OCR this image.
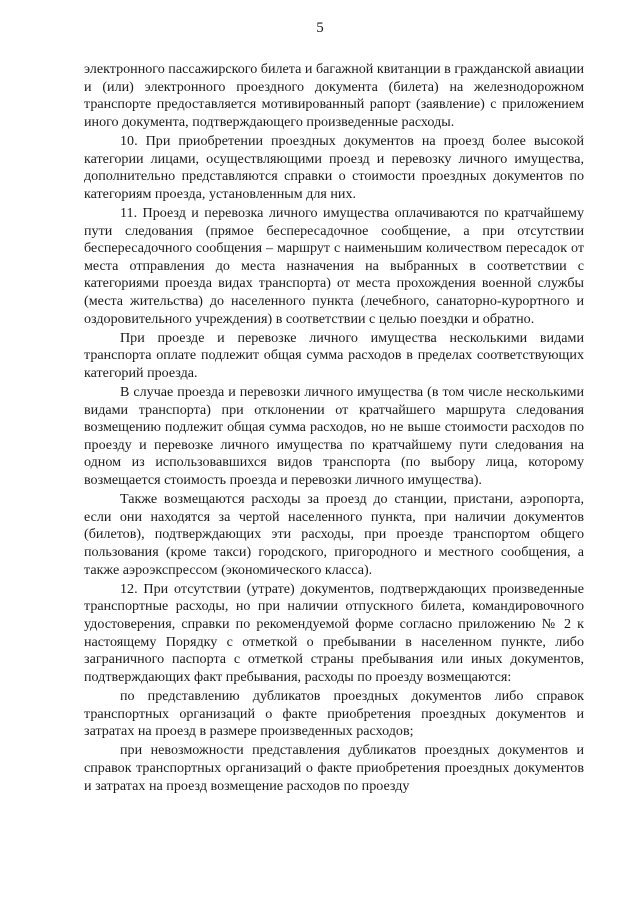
5

электронного пассажирского билета и багажной квитанции в гражданской авиации и (или) электронного проездного документа (билета) на железнодорожном транспорте предоставляется мотивированный рапорт (заявление) с приложением иного документа, подтверждающего произведенные расходы.

10. При приобретении проездных документов на проезд более высокой категории лицами, осуществляющими проезд и перевозку личного имущества, дополнительно представляются справки о стоимости проездных документов по категориям проезда, установленным для них.

11. Проезд и перевозка личного имущества оплачиваются по кратчайшему пути следования (прямое беспересадочное сообщение, а при отсутствии беспересадочного сообщения – маршрут с наименьшим количеством пересадок от места отправления до места назначения на выбранных в соответствии с категориями проезда видах транспорта) от места прохождения военной службы (места жительства) до населенного пункта (лечебного, санаторно-курортного и оздоровительного учреждения) в соответствии с целью поездки и обратно.

При проезде и перевозке личного имущества несколькими видами транспорта оплате подлежит общая сумма расходов в пределах соответствующих категорий проезда.

В случае проезда и перевозки личного имущества (в том числе несколькими видами транспорта) при отклонении от кратчайшего маршрута следования возмещению подлежит общая сумма расходов, но не выше стоимости расходов по проезду и перевозке личного имущества по кратчайшему пути следования на одном из использовавшихся видов транспорта (по выбору лица, которому возмещается стоимость проезда и перевозки личного имущества).

Также возмещаются расходы за проезд до станции, пристани, аэропорта, если они находятся за чертой населенного пункта, при наличии документов (билетов), подтверждающих эти расходы, при проезде транспортом общего пользования (кроме такси) городского, пригородного и местного сообщения, а также аэроэкспрессом (экономического класса).

12. При отсутствии (утрате) документов, подтверждающих произведенные транспортные расходы, но при наличии отпускного билета, командировочного удостоверения, справки по рекомендуемой форме согласно приложению № 2 к настоящему Порядку с отметкой о пребывании в населенном пункте, либо заграничного паспорта с отметкой страны пребывания или иных документов, подтверждающих факт пребывания, расходы по проезду возмещаются:

по представлению дубликатов проездных документов либо справок транспортных организаций о факте приобретения проездных документов и затратах на проезд в размере произведенных расходов;

при невозможности представления дубликатов проездных документов и справок транспортных организаций о факте приобретения проездных документов и затратах на проезд возмещение расходов по проезду
